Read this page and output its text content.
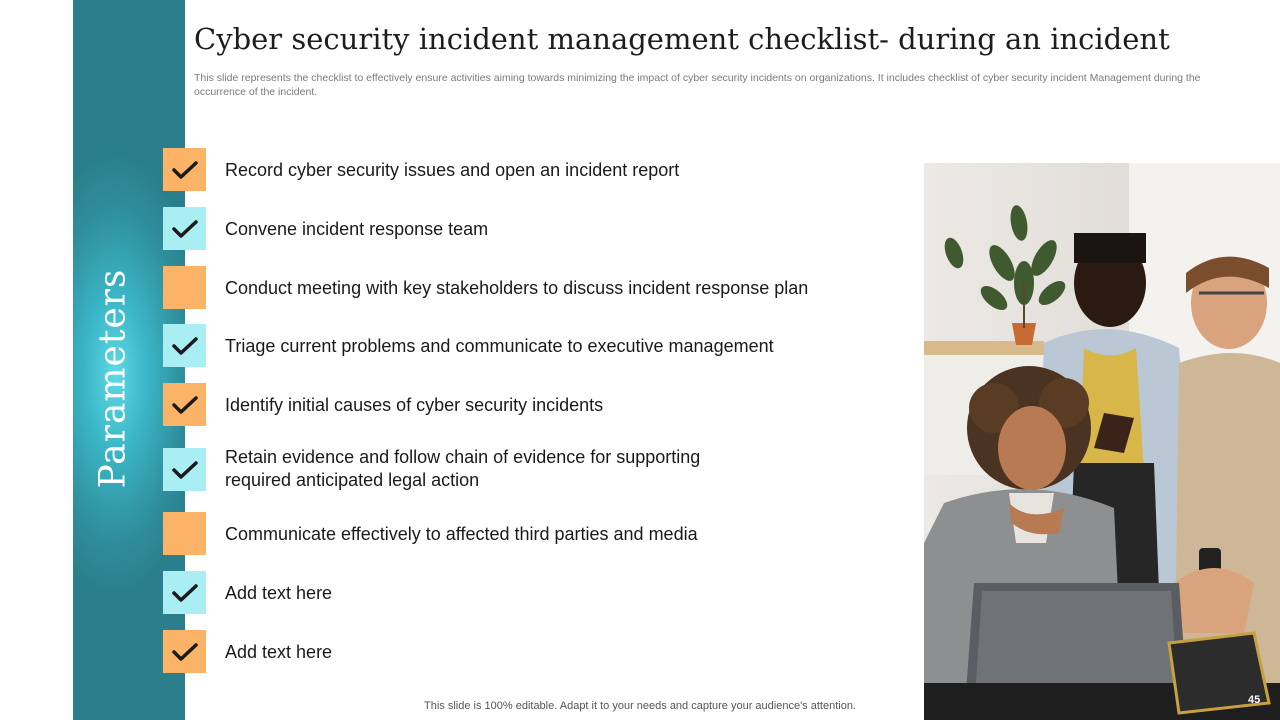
Parameters
Cyber security incident management checklist- during an incident

This slide represents the checklist to effectively ensure activities aiming towards minimizing the impact of cyber security incidents on organizations. It includes checklist of cyber security incident Management during the occurrence of the incident.

Record cyber security issues and open an incident report
Convene incident response team
Conduct meeting with key stakeholders to discuss incident response plan
Triage current problems and communicate to executive management
Identify initial causes of cyber security incidents
Retain evidence and follow chain of evidence for supporting required anticipated legal action
Communicate effectively to affected third parties and media
Add text here
Add text here
This slide is 100% editable. Adapt it to your needs and capture your audience's attention.	45
